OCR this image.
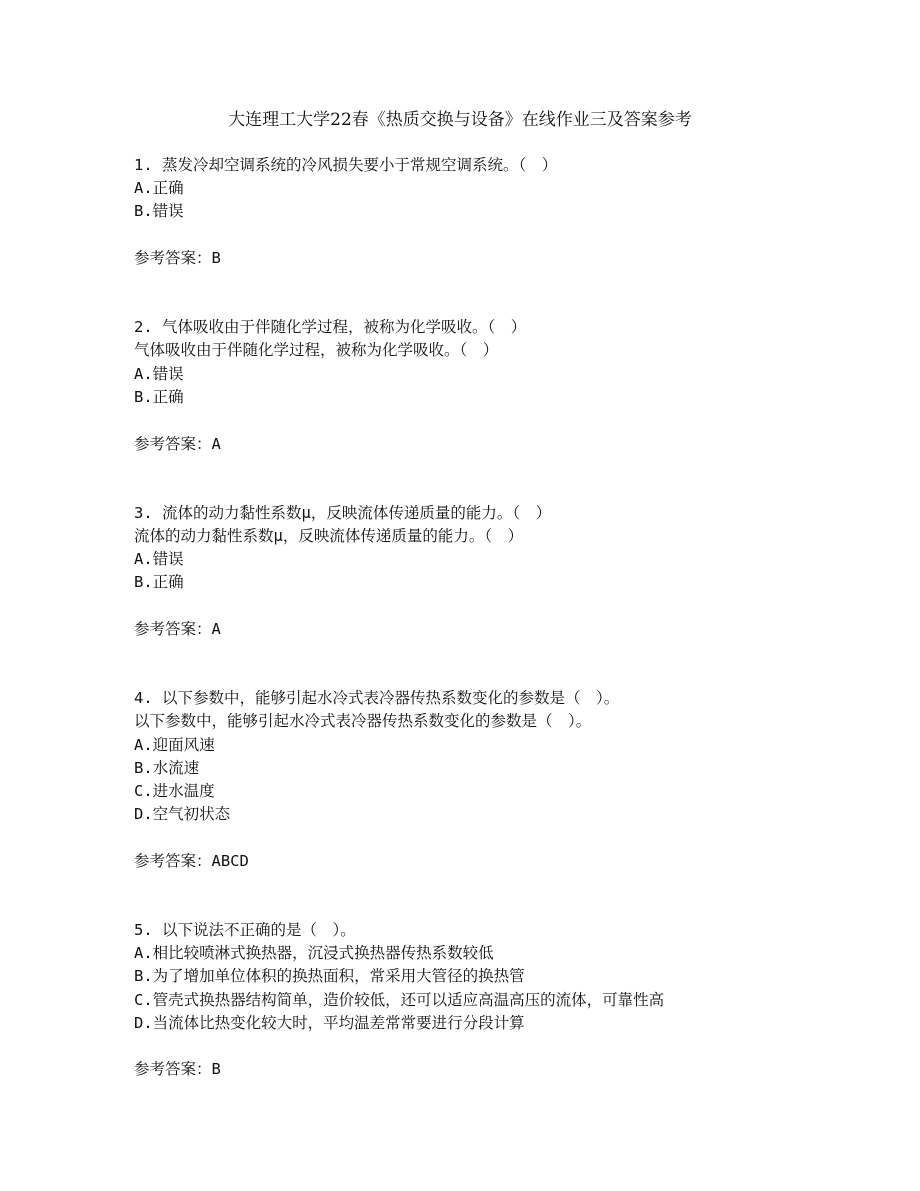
大连理工大学22春《热质交换与设备》在线作业三及答案参考
1. 蒸发冷却空调系统的冷风损失要小于常规空调系统。（　）
A.正确
B.错误
参考答案：B
2. 气体吸收由于伴随化学过程，被称为化学吸收。（　）
气体吸收由于伴随化学过程，被称为化学吸收。（　）
A.错误
B.正确
参考答案：A
3. 流体的动力黏性系数μ，反映流体传递质量的能力。（　）
流体的动力黏性系数μ，反映流体传递质量的能力。（　）
A.错误
B.正确
参考答案：A
4. 以下参数中，能够引起水冷式表冷器传热系数变化的参数是（　）。
以下参数中，能够引起水冷式表冷器传热系数变化的参数是（　）。
A.迎面风速
B.水流速
C.进水温度
D.空气初状态
参考答案：ABCD
5. 以下说法不正确的是（　）。
A.相比较喷淋式换热器，沉浸式换热器传热系数较低
B.为了增加单位体积的换热面积，常采用大管径的换热管
C.管壳式换热器结构简单，造价较低，还可以适应高温高压的流体，可靠性高
D.当流体比热变化较大时，平均温差常常要进行分段计算
参考答案：B
